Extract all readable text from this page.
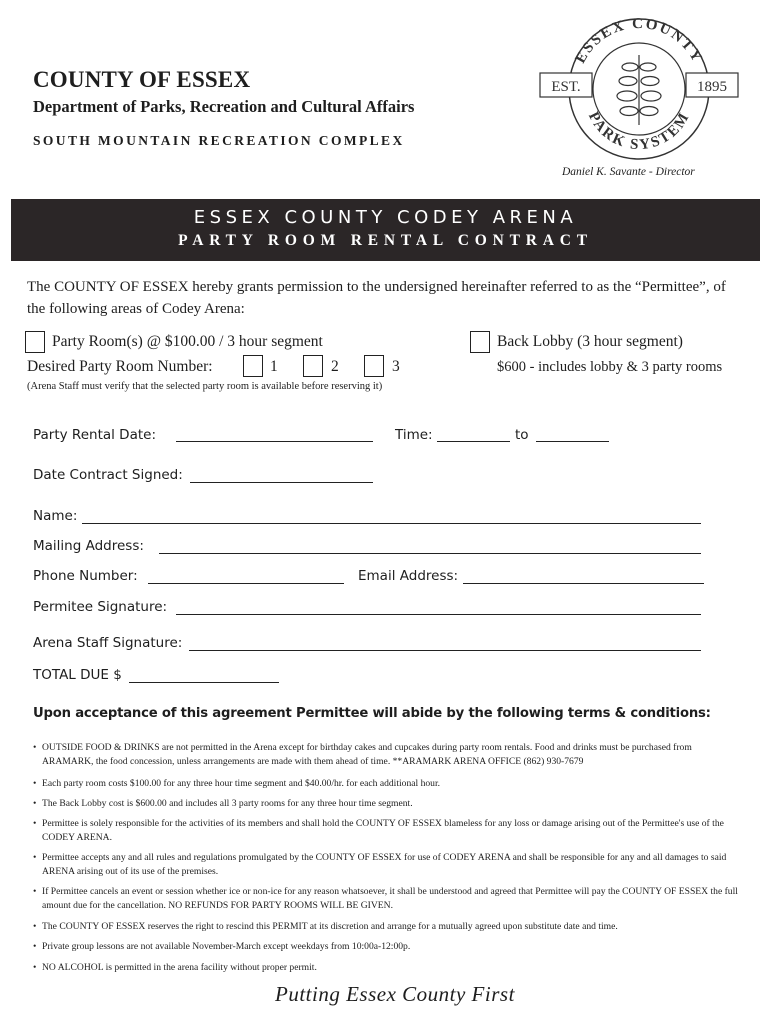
COUNTY OF ESSEX
Department of Parks, Recreation and Cultural Affairs
SOUTH MOUNTAIN RECREATION COMPLEX
Daniel K. Savante - Director
ESSEX COUNTY
PARK SYSTEM
EST.	1895
ESSEX COUNTY CODEY ARENA
PARTY ROOM RENTAL CONTRACT
The COUNTY OF ESSEX hereby grants permission to the undersigned hereinafter referred to as the “Permittee”, of the following areas of Codey Arena:
Party Room(s) @ $100.00 / 3 hour segment
Desired Party Room Number:	1	2	3
(Arena Staff must verify that the selected party room is available before reserving it)
Back Lobby (3 hour segment)
$600 - includes lobby & 3 party rooms
Party Rental Date:	Time:	to
Date Contract Signed:
Name:
Mailing Address:
Phone Number:	Email Address:
Permitee Signature:
Arena Staff Signature:
TOTAL DUE $
Upon acceptance of this agreement Permittee will abide by the following terms & conditions:
• OUTSIDE FOOD & DRINKS are not permitted in the Arena except for birthday cakes and cupcakes during party room rentals. Food and drinks must be purchased from ARAMARK, the food concession, unless arrangements are made with them ahead of time. **ARAMARK ARENA OFFICE (862) 930-7679
• Each party room costs $100.00 for any three hour time segment and $40.00/hr. for each additional hour.
• The Back Lobby cost is $600.00 and includes all 3 party rooms for any three hour time segment.
• Permittee is solely responsible for the activities of its members and shall hold the COUNTY OF ESSEX blameless for any loss or damage arising out of the Permittee's use of the CODEY ARENA.
• Permittee accepts any and all rules and regulations promulgated by the COUNTY OF ESSEX for use of CODEY ARENA and shall be responsible for any and all damages to said ARENA arising out of its use of the premises.
• If Permittee cancels an event or session whether ice or non-ice for any reason whatsoever, it shall be understood and agreed that Permittee will pay the COUNTY OF ESSEX the full amount due for the cancellation. NO REFUNDS FOR PARTY ROOMS WILL BE GIVEN.
• The COUNTY OF ESSEX reserves the right to rescind this PERMIT at its discretion and arrange for a mutually agreed upon substitute date and time.
• Private group lessons are not available November-March except weekdays from 10:00a-12:00p.
• NO ALCOHOL is permitted in the arena facility without proper permit.
Putting Essex County First
